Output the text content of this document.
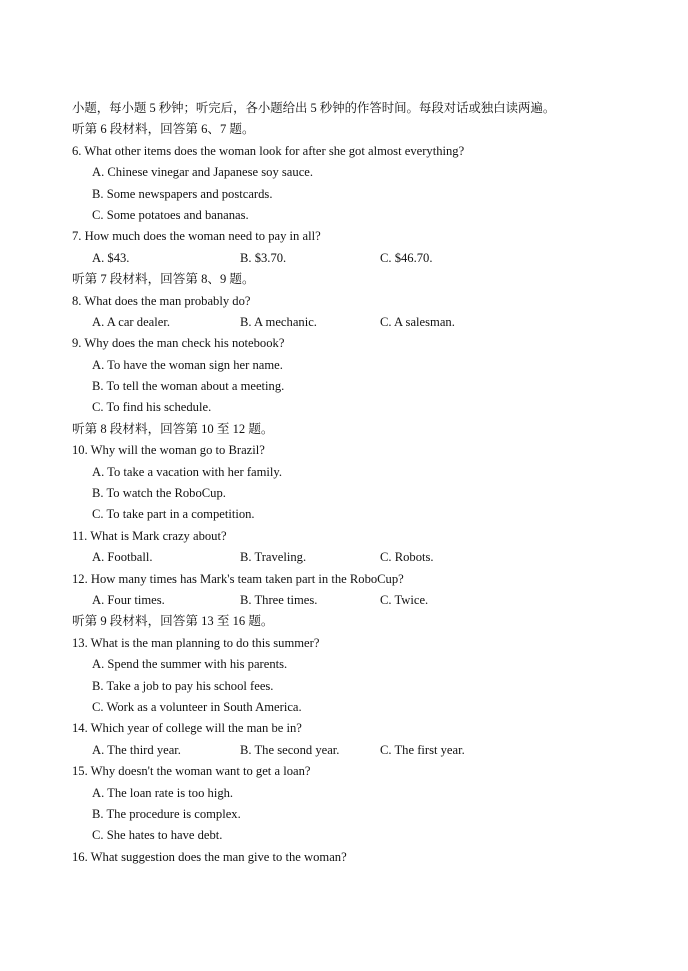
小题，每小题 5 秒钟；听完后，各小题给出 5 秒钟的作答时间。每段对话或独白读两遍。
听第 6 段材料，回答第 6、7 题。
6. What other items does the woman look for after she got almost everything?
A. Chinese vinegar and Japanese soy sauce.
B. Some newspapers and postcards.
C. Some potatoes and bananas.
7. How much does the woman need to pay in all?
A. $43.	B. $3.70.	C. $46.70.
听第 7 段材料，回答第 8、9 题。
8. What does the man probably do?
A. A car dealer.	B. A mechanic.	C. A salesman.
9. Why does the man check his notebook?
A. To have the woman sign her name.
B. To tell the woman about a meeting.
C. To find his schedule.
听第 8 段材料，回答第 10 至 12 题。
10. Why will the woman go to Brazil?
A. To take a vacation with her family.
B. To watch the RoboCup.
C. To take part in a competition.
11. What is Mark crazy about?
A. Football.	B. Traveling.	C. Robots.
12. How many times has Mark's team taken part in the RoboCup?
A. Four times.	B. Three times.	C. Twice.
听第 9 段材料，回答第 13 至 16 题。
13. What is the man planning to do this summer?
A. Spend the summer with his parents.
B. Take a job to pay his school fees.
C. Work as a volunteer in South America.
14. Which year of college will the man be in?
A. The third year.	B. The second year.	C. The first year.
15. Why doesn't the woman want to get a loan?
A. The loan rate is too high.
B. The procedure is complex.
C. She hates to have debt.
16. What suggestion does the man give to the woman?
